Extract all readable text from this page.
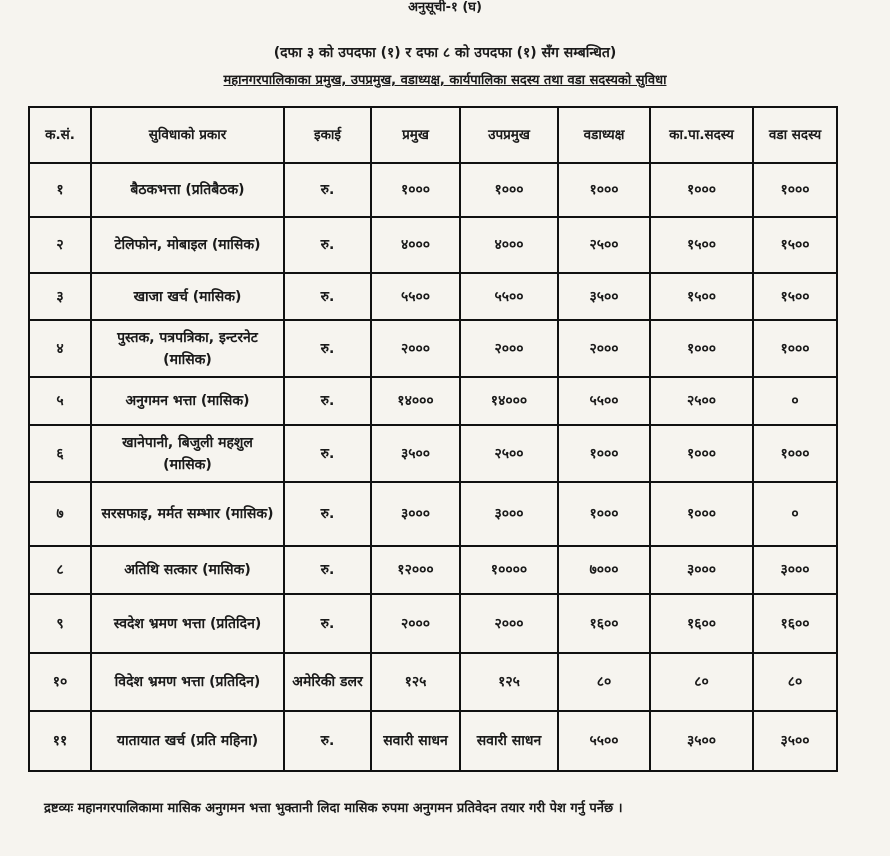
अनुसूची-१ (घ)
(दफा ३ को उपदफा (१) र दफा ८ को उपदफा (१) सँग सम्बन्धित)
महानगरपालिकाका प्रमुख, उपप्रमुख, वडाध्यक्ष, कार्यपालिका सदस्य तथा वडा सदस्यको सुविधा
क.सं.	सुविधाको प्रकार	इकाई	प्रमुख	उपप्रमुख	वडाध्यक्ष	का.पा.सदस्य	वडा सदस्य
१	बैठकभत्ता (प्रतिबैठक)	रु.	१०००	१०००	१०००	१०००	१०००
२	टेलिफोन, मोबाइल (मासिक)	रु.	४०००	४०००	२५००	१५००	१५००
३	खाजा खर्च (मासिक)	रु.	५५००	५५००	३५००	१५००	१५००
४	पुस्तक, पत्रपत्रिका, इन्टरनेट (मासिक)	रु.	२०००	२०००	२०००	१०००	१०००
५	अनुगमन भत्ता (मासिक)	रु.	१४०००	१४०००	५५००	२५००	०
६	खानेपानी, बिजुली महशुल (मासिक)	रु.	३५००	२५००	१०००	१०००	१०००
७	सरसफाइ, मर्मत सम्भार (मासिक)	रु.	३०००	३०००	१०००	१०००	०
८	अतिथि सत्कार (मासिक)	रु.	१२०००	१००००	७०००	३०००	३०००
९	स्वदेश भ्रमण भत्ता (प्रतिदिन)	रु.	२०००	२०००	१६००	१६००	१६००
१०	विदेश भ्रमण भत्ता (प्रतिदिन)	अमेरिकी डलर	१२५	१२५	८०	८०	८०
११	यातायात खर्च (प्रति महिना)	रु.	सवारी साधन	सवारी साधन	५५००	३५००	३५००
द्रष्टव्यः महानगरपालिकामा मासिक अनुगमन भत्ता भुक्तानी लिदा मासिक रुपमा अनुगमन प्रतिवेदन तयार गरी पेश गर्नु पर्नेछ ।
